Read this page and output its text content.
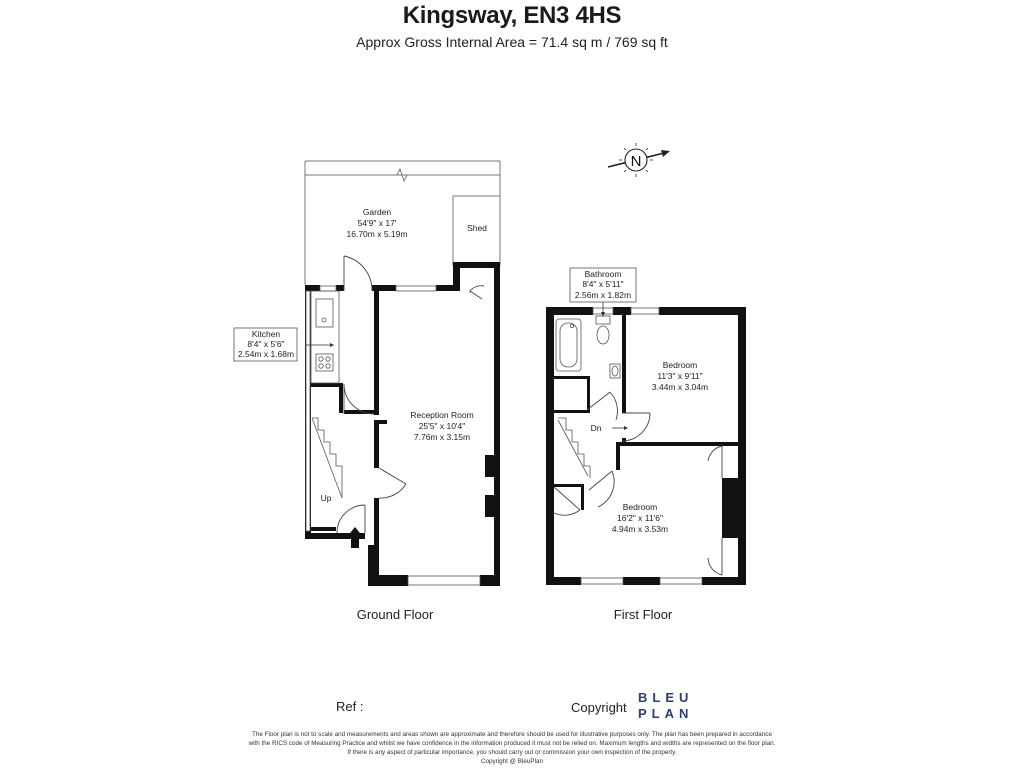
Kingsway, EN3 4HS
Approx Gross Internal Area = 71.4 sq m / 769 sq ft
N
Garden
54'9" x 17'
16.70m x 5.19m
Shed
Kitchen
8'4" x 5'6"
2.54m x 1.68m
Reception Room
25'5" x 10'4"
7.76m x 3.15m
Up
Bathroom
8'4" x 5'11"
2.56m x 1.82m
Bedroom
11'3" x 9'11"
3.44m x 3.04m
Bedroom
16'2" x 11'6"
4.94m x 3.53m
Dn
Ground Floor	First Floor
Ref :	Copyright
BLEU
PLAN
The Floor plan is not to scale and measurements and areas shown are approximate and therefore should be used for illustrative purposes only. The plan has been prepared in accordance
with the RICS code of Measuring Practice and whilst we have confidence in the information produced it must not be relied on. Maximum lengths and widths are represented on the floor plan.
If there is any aspect of particular importance, you should carry out or commission your own inspection of the property.
Copyright @ BleuPlan
